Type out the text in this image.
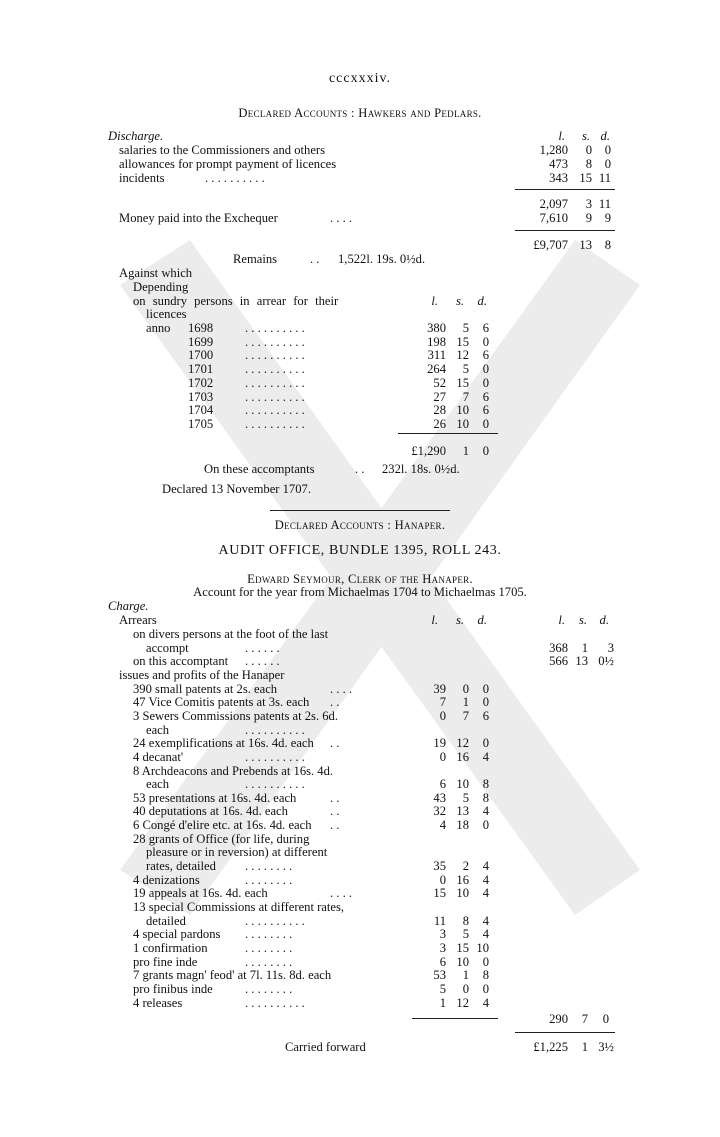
cccxxxiv.
Declared Accounts : Hawkers and Pedlars.
Discharge.	l.	s. d.
salaries to the Commissioners and others	1,280	0	0
allowances for prompt payment of licences	473	8	0
incidents	. . . . . . . . . .	343 15 11
2,097	3 11
Money paid into the Exchequer	. . . .	7,610	9	9
£9,707 13	8
Remains	. . 1,522l. 19s. 0½d.
Against which
Depending
on sundry persons in arrear for their
licences
l.	s.	d.
anno 1698	. . . . . . . . . .	380	5	6
1699	. . . . . . . . . .	198 15	0
1700	. . . . . . . . . .	311 12	6
1701	. . . . . . . . . .	264	5	0
1702	. . . . . . . . . .	52 15	0
1703	. . . . . . . . . .	27	7	6
1704	. . . . . . . . . .	28 10	6
1705	. . . . . . . . . .	26 10	0
£1,290	1	0
On these accomptants	. . 232l. 18s. 0½d.
Declared 13 November 1707.
Declared Accounts : Hanaper.
AUDIT OFFICE, BUNDLE 1395, ROLL 243.
Edward Seymour, Clerk of the Hanaper.
Account for the year from Michaelmas 1704 to Michaelmas 1705.
Charge.
Arrears	l.	s.	d.	l.	s. d.
on divers persons at the foot of the last
accompt	. . . . . .	368	1	3
on this accomptant . . . . . .	566 13 0½
issues and profits of the Hanaper
390 small patents at 2s. each	. . . .	39	0	0
47 Vice Comitis patents at 3s. each . .	7	1	0
3 Sewers Commissions patents at 2s. 6d.	0	7	6
each	. . . . . . . . . .
24 exemplifications at 16s. 4d. each . .	19 12	0
4 decanat'	. . . . . . . . . .	0 16	4
8 Archdeacons and Prebends at 16s. 4d.
each	. . . . . . . . . .	6 10	8
53 presentations at 16s. 4d. each	. .	43	5	8
40 deputations at 16s. 4d. each	. .	32 13	4
6 Congé d'elire etc. at 16s. 4d. each . .	4 18	0
28 grants of Office (for life, during
pleasure or in reversion) at different
rates, detailed . . . . . . . .	35	2	4
4 denizations	. . . . . . . .	0 16	4
19 appeals at 16s. 4d. each	. . . .	15 10	4
13 special Commissions at different rates,
detailed	. . . . . . . . . .	11	8	4
4 special pardons . . . . . . . .	3	5	4
1 confirmation	. . . . . . . .	3 15 10
pro fine inde	. . . . . . . .	6 10	0
7 grants magn' feod' at 7l. 11s. 8d. each	53	1	8
pro finibus inde	. . . . . . . .	5	0	0
4 releases	. . . . . . . . . .	1 12	4
290	7	0
Carried forward	£1,225	1 3½
